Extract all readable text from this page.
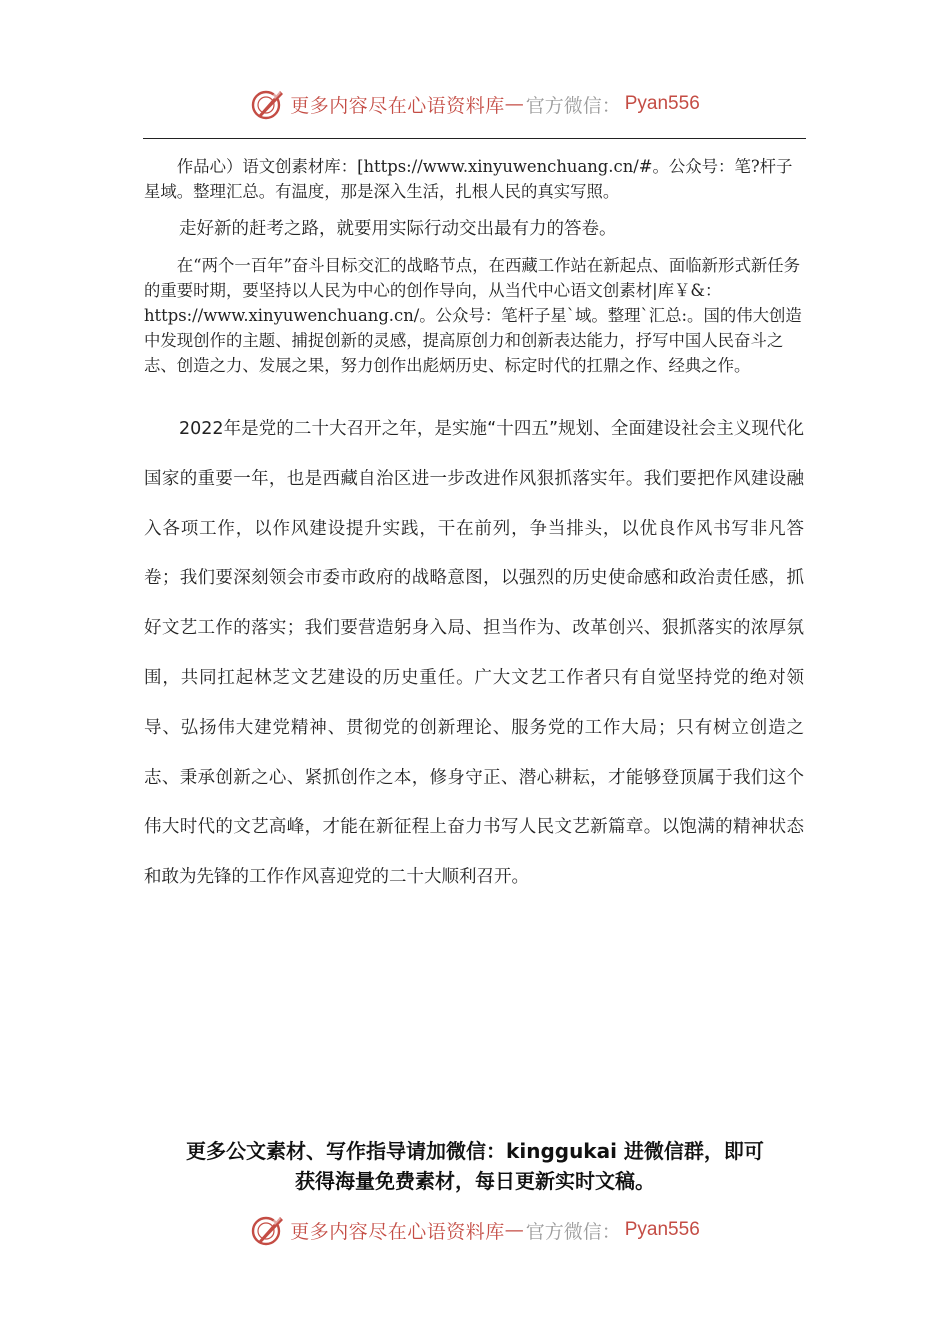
更多内容尽在心语资料库 — 官方微信： Pyan556

作品心）语文创素材库：[https://www.xinyuwenchuang.cn/#。公众号：笔?杆子星域。整理汇总。有温度，那是深入生活，扎根人民的真实写照。

走好新的赶考之路，就要用实际行动交出最有力的答卷。

在“两个一百年”奋斗目标交汇的战略节点，在西藏工作站在新起点、面临新形式新任务的重要时期，要坚持以人民为中心的创作导向，从当代中心语文创素材|库￥&：https://www.xinyuwenchuang.cn/。公众号：笔杆子星`域。整理`汇总:。国的伟大创造中发现创作的主题、捕捉创新的灵感，提高原创力和创新表达能力，抒写中国人民奋斗之志、创造之力、发展之果，努力创作出彪炳历史、标定时代的扛鼎之作、经典之作。

2022年是党的二十大召开之年，是实施“十四五”规划、全面建设社会主义现代化国家的重要一年，也是西藏自治区进一步改进作风狠抓落实年。我们要把作风建设融入各项工作，以作风建设提升实践，干在前列，争当排头，以优良作风书写非凡答卷；我们要深刻领会市委市政府的战略意图，以强烈的历史使命感和政治责任感，抓好文艺工作的落实；我们要营造躬身入局、担当作为、改革创兴、狠抓落实的浓厚氛围，共同扛起林芝文艺建设的历史重任。广大文艺工作者只有自觉坚持党的绝对领导、弘扬伟大建党精神、贯彻党的创新理论、服务党的工作大局；只有树立创造之志、秉承创新之心、紧抓创作之本，修身守正、潜心耕耘，才能够登顶属于我们这个伟大时代的文艺高峰，才能在新征程上奋力书写人民文艺新篇章。以饱满的精神状态和敢为先锋的工作作风喜迎党的二十大顺利召开。

更多公文素材、写作指导请加微信：kinggukai 进微信群，即可
获得海量免费素材，每日更新实时文稿。
更多内容尽在心语资料库 — 官方微信： Pyan556
